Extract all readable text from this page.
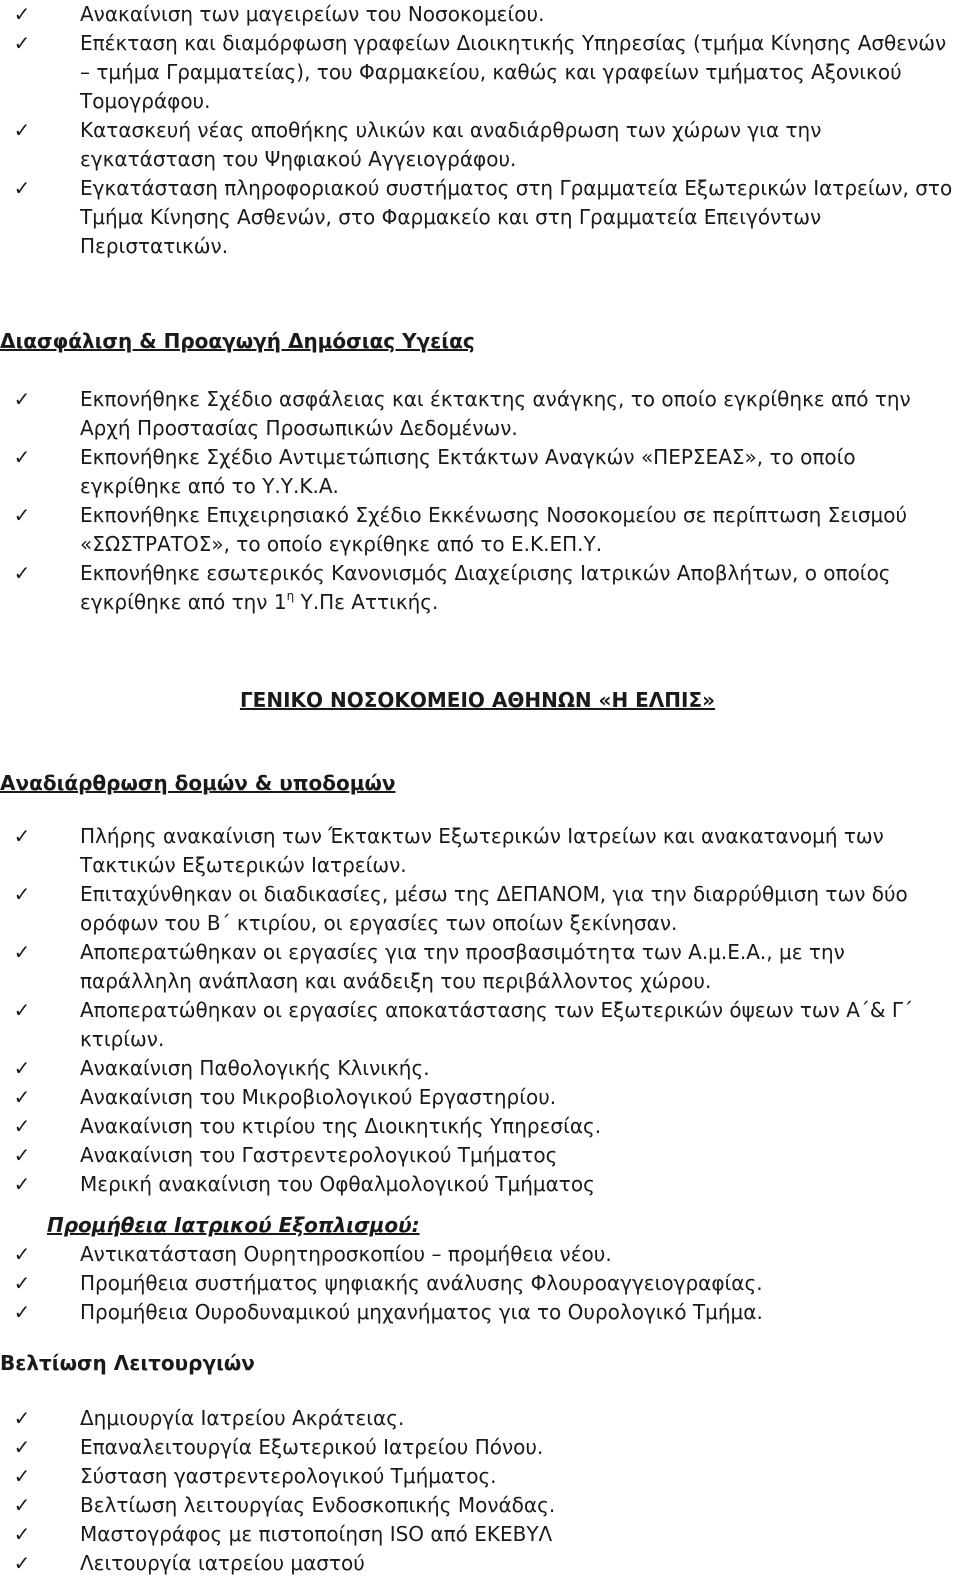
✓ Ανακαίνιση των μαγειρείων του Νοσοκομείου.
✓ Επέκταση και διαμόρφωση γραφείων Διοικητικής Υπηρεσίας (τμήμα Κίνησης Ασθενών – τμήμα Γραμματείας), του Φαρμακείου, καθώς και γραφείων τμήματος Αξονικού Τομογράφου.
✓ Κατασκευή νέας αποθήκης υλικών και αναδιάρθρωση των χώρων για την εγκατάσταση του Ψηφιακού Αγγειογράφου.
✓ Εγκατάσταση πληροφοριακού συστήματος στη Γραμματεία Εξωτερικών Ιατρείων, στο Τμήμα Κίνησης Ασθενών, στο Φαρμακείο και στη Γραμματεία Επειγόντων Περιστατικών.
Διασφάλιση & Προαγωγή Δημόσιας Υγείας
✓ Εκπονήθηκε Σχέδιο ασφάλειας και έκτακτης ανάγκης, το οποίο εγκρίθηκε από την Αρχή Προστασίας Προσωπικών Δεδομένων.
✓ Εκπονήθηκε Σχέδιο Αντιμετώπισης Εκτάκτων Αναγκών «ΠΕΡΣΕΑΣ», το οποίο εγκρίθηκε από το Υ.Υ.Κ.Α.
✓ Εκπονήθηκε Επιχειρησιακό Σχέδιο Εκκένωσης Νοσοκομείου σε περίπτωση Σεισμού «ΣΩΣΤΡΑΤΟΣ», το οποίο εγκρίθηκε από το Ε.Κ.ΕΠ.Υ.
✓ Εκπονήθηκε εσωτερικός Κανονισμός Διαχείρισης Ιατρικών Αποβλήτων, ο οποίος εγκρίθηκε από την $1^\eta$ Υ.Πε Αττικής.
ΓΕΝΙΚΟ ΝΟΣΟΚΟΜΕΙΟ ΑΘΗΝΩΝ «Η ΕΛΠΙΣ»
Αναδιάρθρωση δομών & υποδομών
✓ Πλήρης ανακαίνιση των Έκτακτων Εξωτερικών Ιατρείων και ανακατανομή των Τακτικών Εξωτερικών Ιατρείων.
✓ Επιταχύνθηκαν οι διαδικασίες, μέσω της ΔΕΠΑΝΟΜ, για την διαρρύθμιση των δύο ορόφων του Β΄ κτιρίου, οι εργασίες των οποίων ξεκίνησαν.
✓ Αποπερατώθηκαν οι εργασίες για την προσβασιμότητα των Α.μ.Ε.Α., με την παράλληλη ανάπλαση και ανάδειξη του περιβάλλοντος χώρου.
✓ Αποπερατώθηκαν οι εργασίες αποκατάστασης των Εξωτερικών όψεων των Α΄& Γ΄ κτιρίων.
✓ Ανακαίνιση Παθολογικής Κλινικής.
✓ Ανακαίνιση του Μικροβιολογικού Εργαστηρίου.
✓ Ανακαίνιση του κτιρίου της Διοικητικής Υπηρεσίας.
✓ Ανακαίνιση του Γαστρεντερολογικού Τμήματος
✓ Μερική ανακαίνιση του Οφθαλμολογικού Τμήματος
Προμήθεια Ιατρικού Εξοπλισμού:
✓ Αντικατάσταση Ουρητηροσκοπίου – προμήθεια νέου.
✓ Προμήθεια συστήματος ψηφιακής ανάλυσης Φλουροαγγειογραφίας.
✓ Προμήθεια Ουροδυναμικού μηχανήματος για το Ουρολογικό Τμήμα.
Βελτίωση Λειτουργιών
✓ Δημιουργία Ιατρείου Ακράτειας.
✓ Επαναλειτουργία Εξωτερικού Ιατρείου Πόνου.
✓ Σύσταση γαστρεντερολογικού Τμήματος.
✓ Βελτίωση λειτουργίας Ενδοσκοπικής Μονάδας.
✓ Μαστογράφος με πιστοποίηση ISO από ΕΚΕΒΥΛ
✓ Λειτουργία ιατρείου μαστού
